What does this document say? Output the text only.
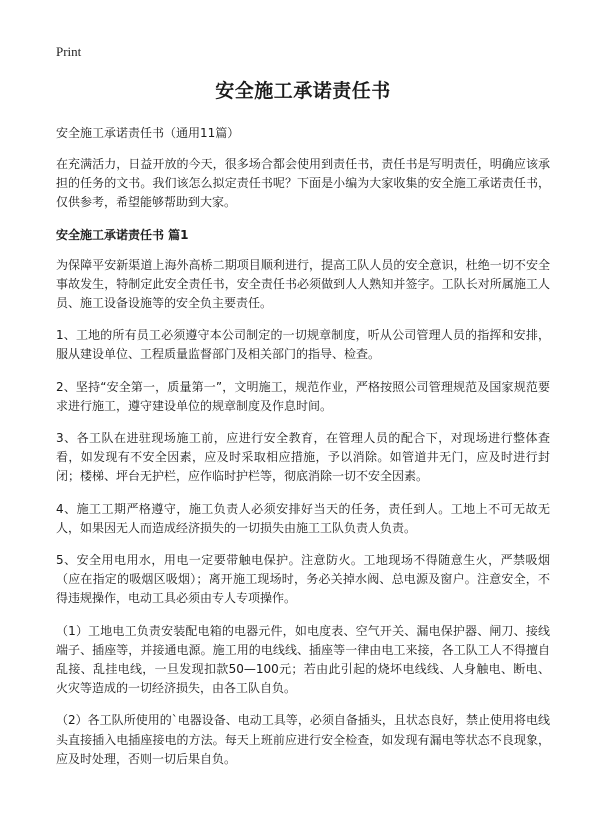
Print
安全施工承诺责任书
安全施工承诺责任书（通用11篇）
在充满活力，日益开放的今天，很多场合都会使用到责任书，责任书是写明责任，明确应该承担的任务的文书。我们该怎么拟定责任书呢？下面是小编为大家收集的安全施工承诺责任书，仅供参考，希望能够帮助到大家。
安全施工承诺责任书 篇1
为保障平安新渠道上海外高桥二期项目顺利进行，提高工队人员的安全意识，杜绝一切不安全事故发生，特制定此安全责任书，安全责任书必须做到人人熟知并签字。工队长对所属施工人员、施工设备设施等的安全负主要责任。
1、工地的所有员工必须遵守本公司制定的一切规章制度，听从公司管理人员的指挥和安排，服从建设单位、工程质量监督部门及相关部门的指导、检查。
2、坚持“安全第一，质量第一”，文明施工，规范作业，严格按照公司管理规范及国家规范要求进行施工，遵守建设单位的规章制度及作息时间。
3、各工队在进驻现场施工前，应进行安全教育，在管理人员的配合下，对现场进行整体查看，如发现有不安全因素，应及时采取相应措施，予以消除。如管道井无门，应及时进行封闭；楼梯、坪台无护栏，应作临时护栏等，彻底消除一切不安全因素。
4、施工工期严格遵守，施工负责人必须安排好当天的任务，责任到人。工地上不可无故无人，如果因无人而造成经济损失的一切损失由施工工队负责人负责。
5、安全用电用水，用电一定要带触电保护。注意防火。工地现场不得随意生火，严禁吸烟（应在指定的吸烟区吸烟）；离开施工现场时，务必关掉水阀、总电源及窗户。注意安全，不得违规操作，电动工具必须由专人专项操作。
（1）工地电工负责安装配电箱的电器元件，如电度表、空气开关、漏电保护器、闸刀、接线端子、插座等，并接通电源。施工用的电线线、插座等一律由电工来接，各工队工人不得擅自乱接、乱挂电线，一旦发现扣款50—100元；若由此引起的烧坏电线线、人身触电、断电、火灾等造成的一切经济损失，由各工队自负。
（2）各工队所使用的`电器设备、电动工具等，必须自备插头，且状态良好，禁止使用将电线头直接插入电插座接电的方法。每天上班前应进行安全检查，如发现有漏电等状态不良现象，应及时处理，否则一切后果自负。
